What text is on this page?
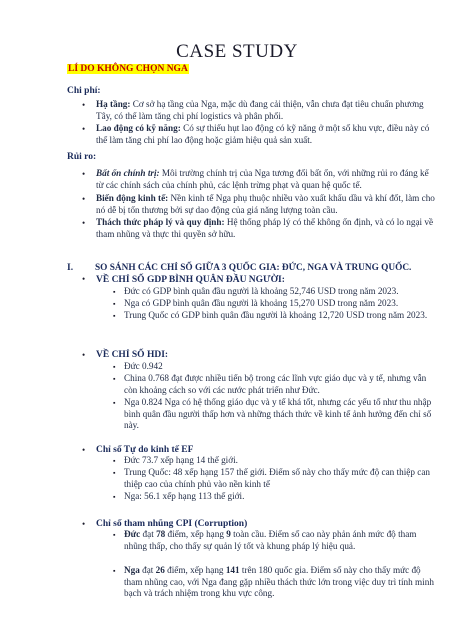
CASE STUDY
LÍ DO KHÔNG CHỌN NGA
Chi phí:
• Hạ tầng: Cơ sở hạ tầng của Nga, mặc dù đang cải thiện, vẫn chưa đạt tiêu chuẩn phương Tây, có thể làm tăng chi phí logistics và phân phối.
• Lao động có kỹ năng: Có sự thiếu hụt lao động có kỹ năng ở một số khu vực, điều này có thể làm tăng chi phí lao động hoặc giảm hiệu quả sản xuất.
Rủi ro:
• Bất ổn chính trị: Môi trường chính trị của Nga tương đối bất ổn, với những rủi ro đáng kể từ các chính sách của chính phủ, các lệnh trừng phạt và quan hệ quốc tế.
• Biến động kinh tế: Nền kinh tế Nga phụ thuộc nhiều vào xuất khẩu dầu và khí đốt, làm cho nó dễ bị tổn thương bởi sự dao động của giá năng lượng toàn cầu.
• Thách thức pháp lý và quy định: Hệ thống pháp lý có thể không ổn định, và có lo ngại về tham nhũng và thực thi quyền sở hữu.
I. SO SÁNH CÁC CHỈ SỐ GIỮA 3 QUỐC GIA: ĐỨC, NGA VÀ TRUNG QUỐC.
• VỀ CHỈ SỐ GDP BÌNH QUÂN ĐẦU NGƯỜI:
▪ Đức có GDP bình quân đầu người là khoảng 52,746 USD trong năm 2023.
▪ Nga có GDP bình quân đầu người là khoảng 15,270 USD trong năm 2023.
▪ Trung Quốc có GDP bình quân đầu người là khoảng 12,720 USD trong năm 2023.
• VỀ CHỈ SỐ HDI:
▪ Đức 0.942
▪ China 0.768 đạt được nhiều tiến bộ trong các lĩnh vực giáo dục và y tế, nhưng vẫn còn khoảng cách so với các nước phát triển như Đức.
▪ Nga 0.824 Nga có hệ thống giáo dục và y tế khá tốt, nhưng các yếu tố như thu nhập bình quân đầu người thấp hơn và những thách thức về kinh tế ảnh hưởng đến chỉ số này.
• Chỉ số Tự do kinh tế EF
▪ Đức 73.7 xếp hạng 14 thế giới.
▪ Trung Quốc: 48 xếp hạng 157 thế giới. Điểm số này cho thấy mức độ can thiệp can thiệp cao của chính phủ vào nền kinh tế
▪ Nga: 56.1 xếp hạng 113 thế giới.
• Chỉ số tham nhũng CPI (Corruption)
▪ Đức đạt 78 điểm, xếp hạng 9 toàn cầu. Điểm số cao này phản ánh mức độ tham nhũng thấp, cho thấy sự quản lý tốt và khung pháp lý hiệu quả.
▪ Nga đạt 26 điểm, xếp hạng 141 trên 180 quốc gia. Điểm số này cho thấy mức độ tham nhũng cao, với Nga đang gặp nhiều thách thức lớn trong việc duy trì tính minh bạch và trách nhiệm trong khu vực công.
